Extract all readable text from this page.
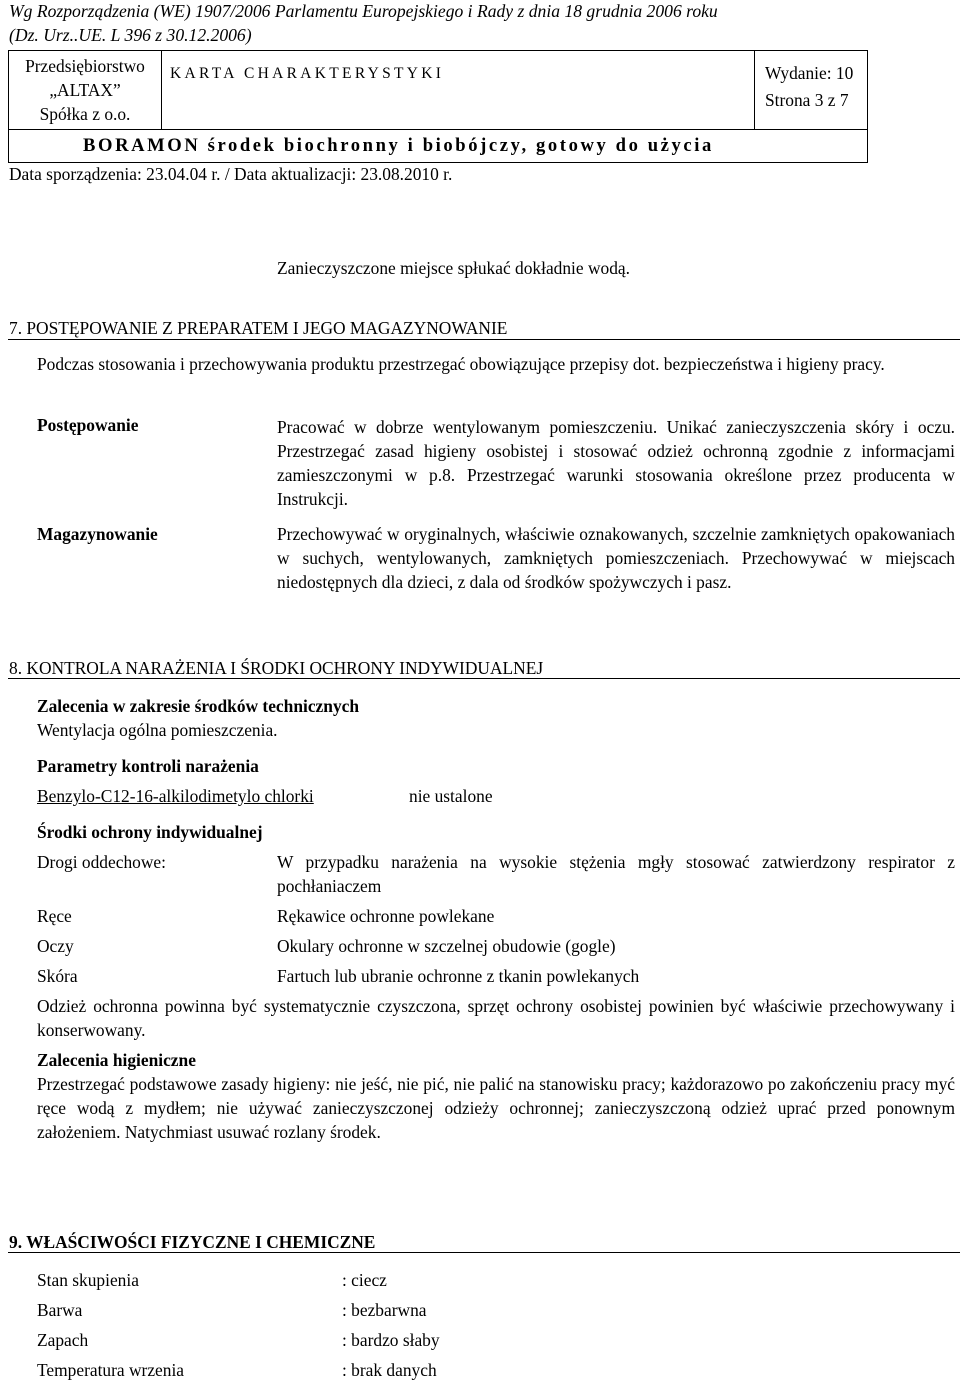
Wg Rozporządzenia (WE) 1907/2006 Parlamentu Europejskiego i Rady z dnia 18 grudnia 2006 roku
(Dz. Urz..UE. L 396 z 30.12.2006)
Przedsiębiorstwo
„ALTAX”
Spółka z o.o.
KARTA CHARAKTERYSTYKI	Wydanie: 10
Strona 3 z 7
BORAMON środek biochronny i biobójczy, gotowy do użycia
Data sporządzenia: 23.04.04 r. / Data aktualizacji: 23.08.2010 r.
Zanieczyszczone miejsce spłukać dokładnie wodą.
7. POSTĘPOWANIE Z PREPARATEM I JEGO MAGAZYNOWANIE
Podczas stosowania i przechowywania produktu przestrzegać obowiązujące przepisy dot. bezpieczeństwa i higieny pracy.
Postępowanie	Pracować w dobrze wentylowanym pomieszczeniu. Unikać zanieczyszczenia skóry i oczu. Przestrzegać zasad higieny osobistej i stosować odzież ochronną zgodnie z informacjami zamieszczonymi w p.8. Przestrzegać warunki stosowania określone przez producenta w Instrukcji.
Magazynowanie	Przechowywać w oryginalnych, właściwie oznakowanych, szczelnie zamkniętych opakowaniach w suchych, wentylowanych, zamkniętych pomieszczeniach. Przechowywać w miejscach niedostępnych dla dzieci, z dala od środków spożywczych i pasz.
8. KONTROLA NARAŻENIA I ŚRODKI OCHRONY INDYWIDUALNEJ
Zalecenia w zakresie środków technicznych
Wentylacja ogólna pomieszczenia.
Parametry kontroli narażenia
Benzylo-C12-16-alkilodimetylo chlorki	nie ustalone
Środki ochrony indywidualnej
Drogi oddechowe:	W przypadku narażenia na wysokie stężenia mgły stosować zatwierdzony respirator z pochłaniaczem
Ręce	Rękawice ochronne powlekane
Oczy	Okulary ochronne w szczelnej obudowie (gogle)
Skóra	Fartuch lub ubranie ochronne z tkanin powlekanych
Odzież ochronna powinna być systematycznie czyszczona, sprzęt ochrony osobistej powinien być właściwie przechowywany i konserwowany.
Zalecenia higieniczne
Przestrzegać podstawowe zasady higieny: nie jeść, nie pić, nie palić na stanowisku pracy; każdorazowo po zakończeniu pracy myć ręce wodą z mydłem; nie używać zanieczyszczonej odzieży ochronnej; zanieczyszczoną odzież uprać przed ponownym założeniem. Natychmiast usuwać rozlany środek.
9. WŁAŚCIWOŚCI FIZYCZNE I CHEMICZNE
Stan skupienia	: ciecz
Barwa	: bezbarwna
Zapach	: bardzo słaby
Temperatura wrzenia	: brak danych
